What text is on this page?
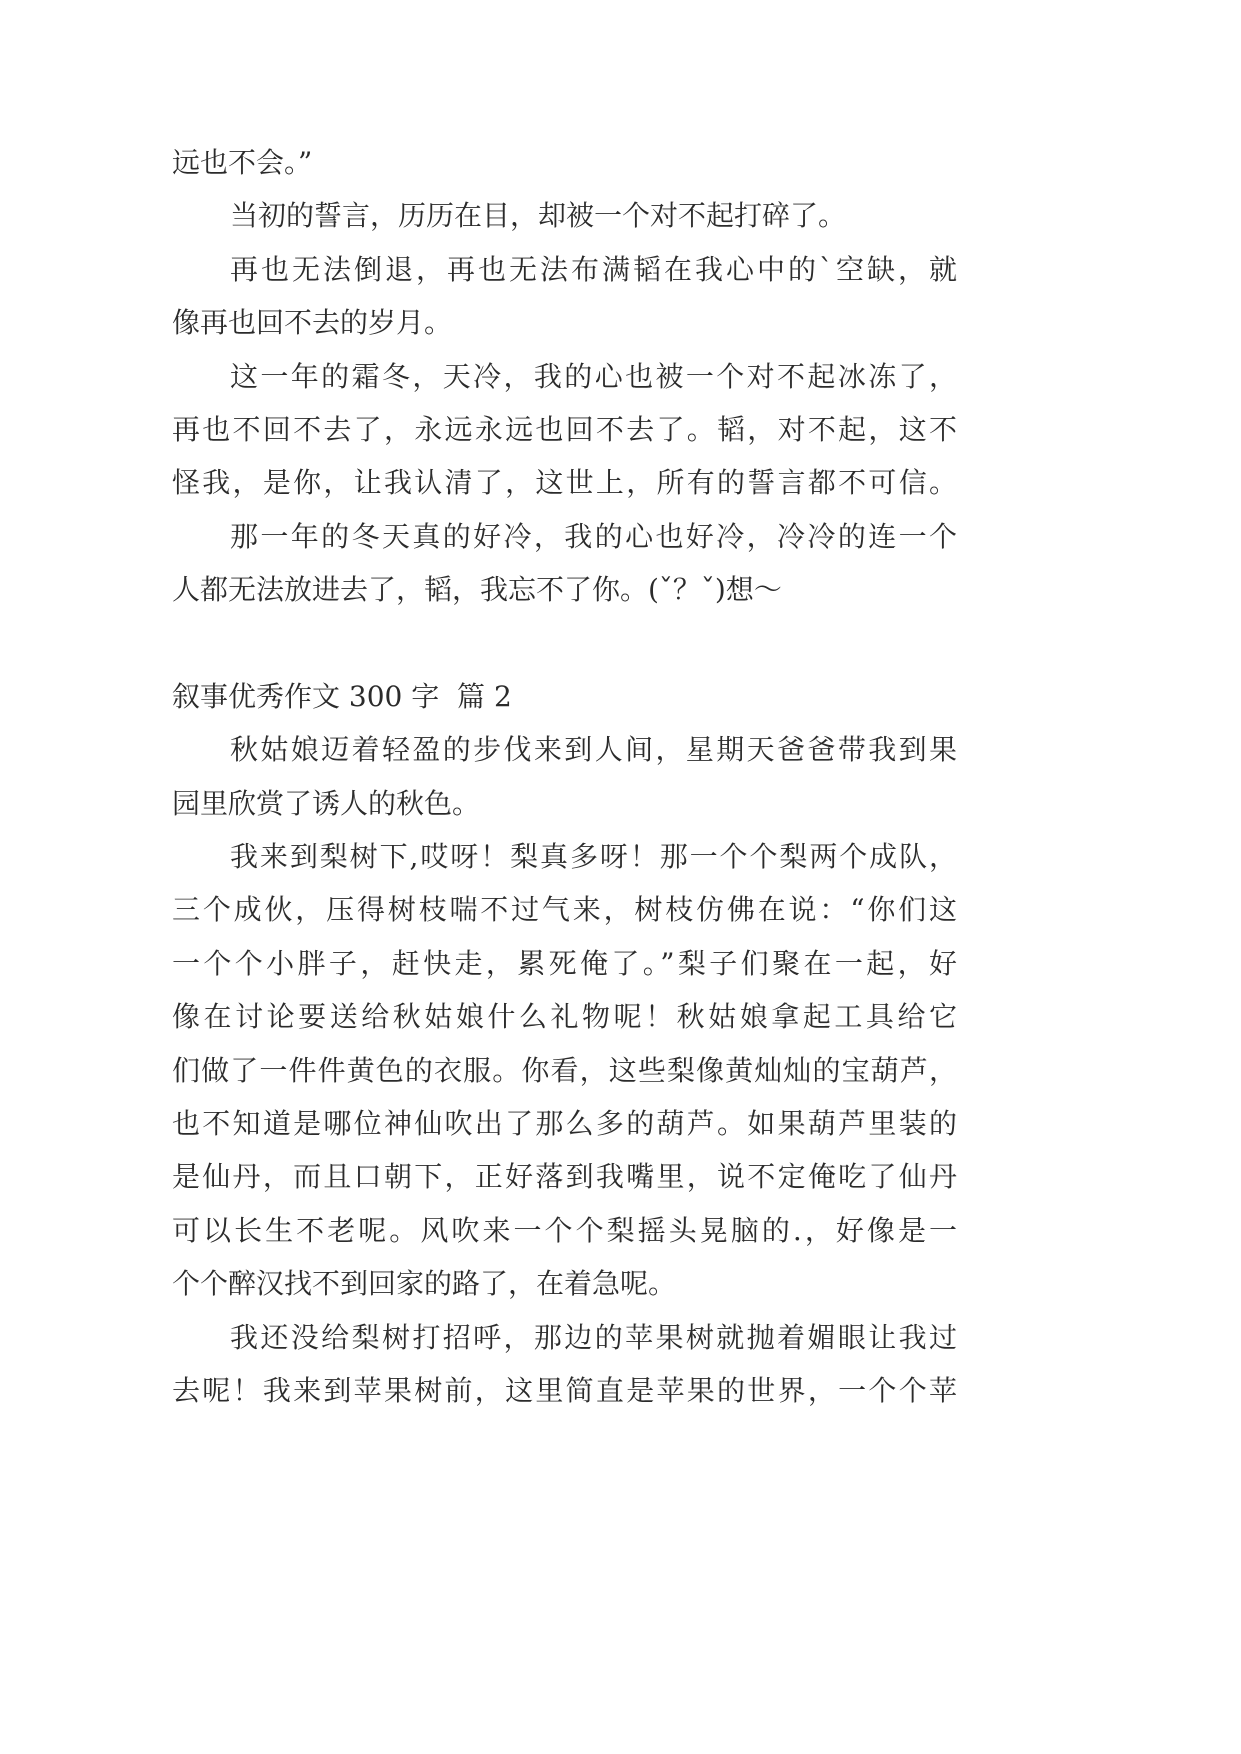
远也不会。”
当初的誓言，历历在目，却被一个对不起打碎了。
再也无法倒退，再也无法布满韬在我心中的`空缺，就
像再也回不去的岁月。
这一年的霜冬，天冷，我的心也被一个对不起冰冻了，
再也不回不去了，永远永远也回不去了。韬，对不起，这不
怪我，是你，让我认清了，这世上，所有的誓言都不可信。
那一年的冬天真的好冷，我的心也好冷，冷冷的连一个
人都无法放进去了，韬，我忘不了你。(ˇ？ˇ)想～
叙事优秀作文 300 字  篇 2
秋姑娘迈着轻盈的步伐来到人间，星期天爸爸带我到果
园里欣赏了诱人的秋色。
我来到梨树下,哎呀！梨真多呀！那一个个梨两个成队，
三个成伙，压得树枝喘不过气来，树枝仿佛在说：“你们这
一个个小胖子，赶快走，累死俺了。”梨子们聚在一起，好
像在讨论要送给秋姑娘什么礼物呢！秋姑娘拿起工具给它
们做了一件件黄色的衣服。你看，这些梨像黄灿灿的宝葫芦，
也不知道是哪位神仙吹出了那么多的葫芦。如果葫芦里装的
是仙丹，而且口朝下，正好落到我嘴里，说不定俺吃了仙丹
可以长生不老呢。风吹来一个个梨摇头晃脑的.，好像是一
个个醉汉找不到回家的路了，在着急呢。
我还没给梨树打招呼，那边的苹果树就抛着媚眼让我过
去呢！我来到苹果树前，这里简直是苹果的世界，一个个苹
